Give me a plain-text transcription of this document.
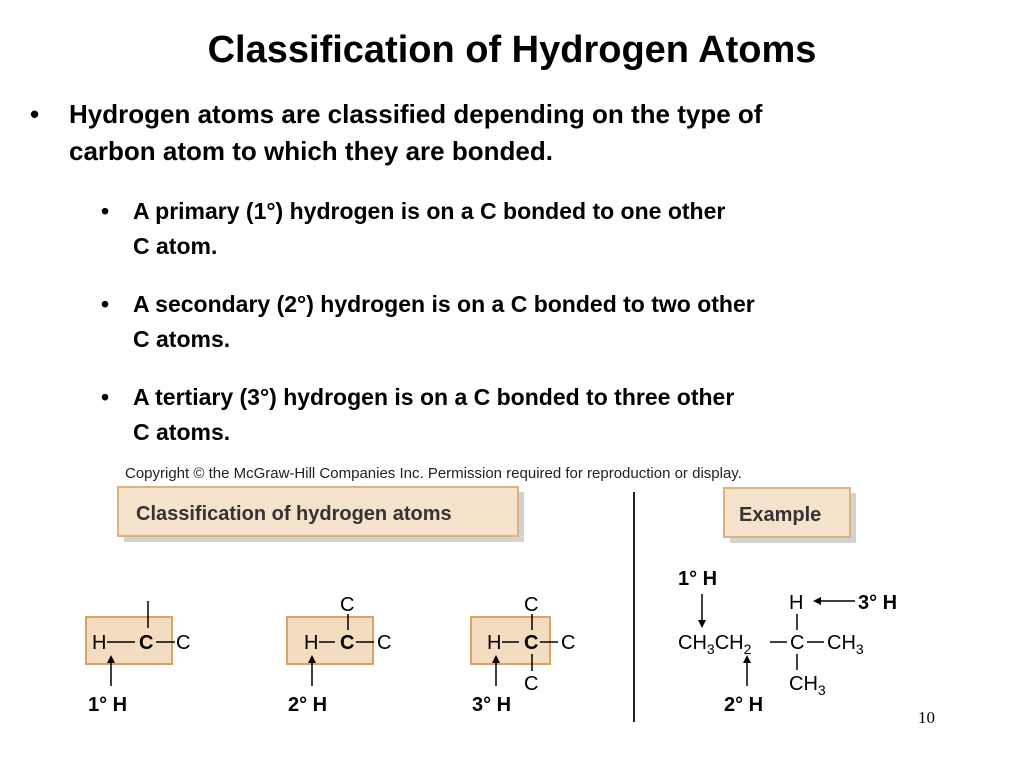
Classification of Hydrogen Atoms
• Hydrogen atoms are classified depending on the type of
carbon atom to which they are bonded.
• A primary (1°) hydrogen is on a C bonded to one other
C atom.
• A secondary (2°) hydrogen is on a C bonded to two other
C atoms.
• A tertiary (3°) hydrogen is on a C bonded to three other
C atoms.
Copyright © the McGraw-Hill Companies Inc. Permission required for reproduction or display.
Classification of hydrogen atoms	Example
H C C
1° H
C
H C C
2° H
C
H C C
C
3° H
1° H
$CH_3CH_2$ C $CH_3$
H	3° H
$CH_3$
2° H
10
